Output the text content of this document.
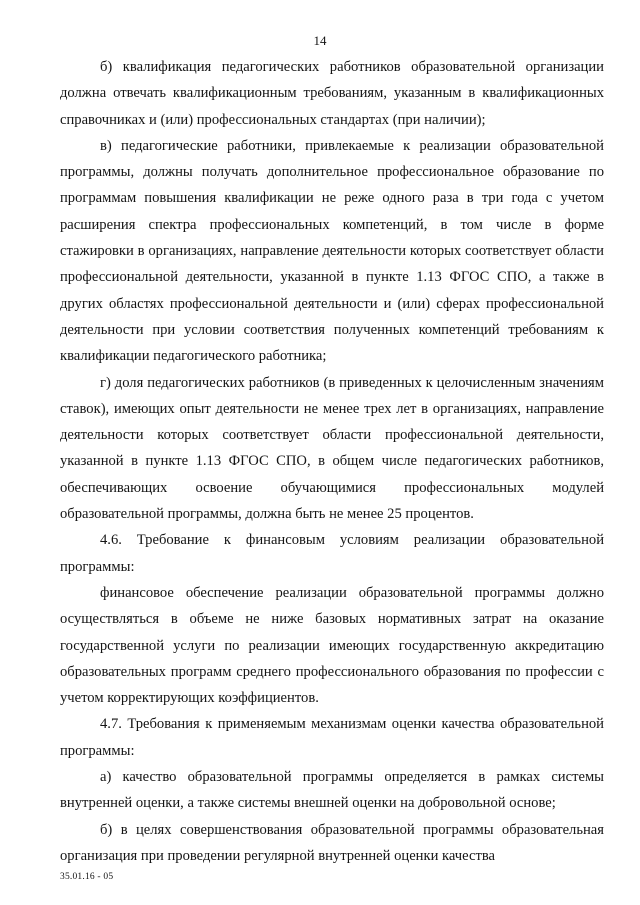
14

б) квалификация педагогических работников образовательной организации должна отвечать квалификационным требованиям, указанным в квалификационных справочниках и (или) профессиональных стандартах (при наличии);

в) педагогические работники, привлекаемые к реализации образовательной программы, должны получать дополнительное профессиональное образование по программам повышения квалификации не реже одного раза в три года с учетом расширения спектра профессиональных компетенций, в том числе в форме стажировки в организациях, направление деятельности которых соответствует области профессиональной деятельности, указанной в пункте 1.13 ФГОС СПО, а также в других областях профессиональной деятельности и (или) сферах профессиональной деятельности при условии соответствия полученных компетенций требованиям к квалификации педагогического работника;

г) доля педагогических работников (в приведенных к целочисленным значениям ставок), имеющих опыт деятельности не менее трех лет в организациях, направление деятельности которых соответствует области профессиональной деятельности, указанной в пункте 1.13 ФГОС СПО, в общем числе педагогических работников, обеспечивающих освоение обучающимися профессиональных модулей образовательной программы, должна быть не менее 25 процентов.

4.6. Требование к финансовым условиям реализации образовательной программы:

финансовое обеспечение реализации образовательной программы должно осуществляться в объеме не ниже базовых нормативных затрат на оказание государственной услуги по реализации имеющих государственную аккредитацию образовательных программ среднего профессионального образования по профессии с учетом корректирующих коэффициентов.

4.7. Требования к применяемым механизмам оценки качества образовательной программы:

а) качество образовательной программы определяется в рамках системы внутренней оценки, а также системы внешней оценки на добровольной основе;

б) в целях совершенствования образовательной программы образовательная организация при проведении регулярной внутренней оценки качества

35.01.16 - 05
